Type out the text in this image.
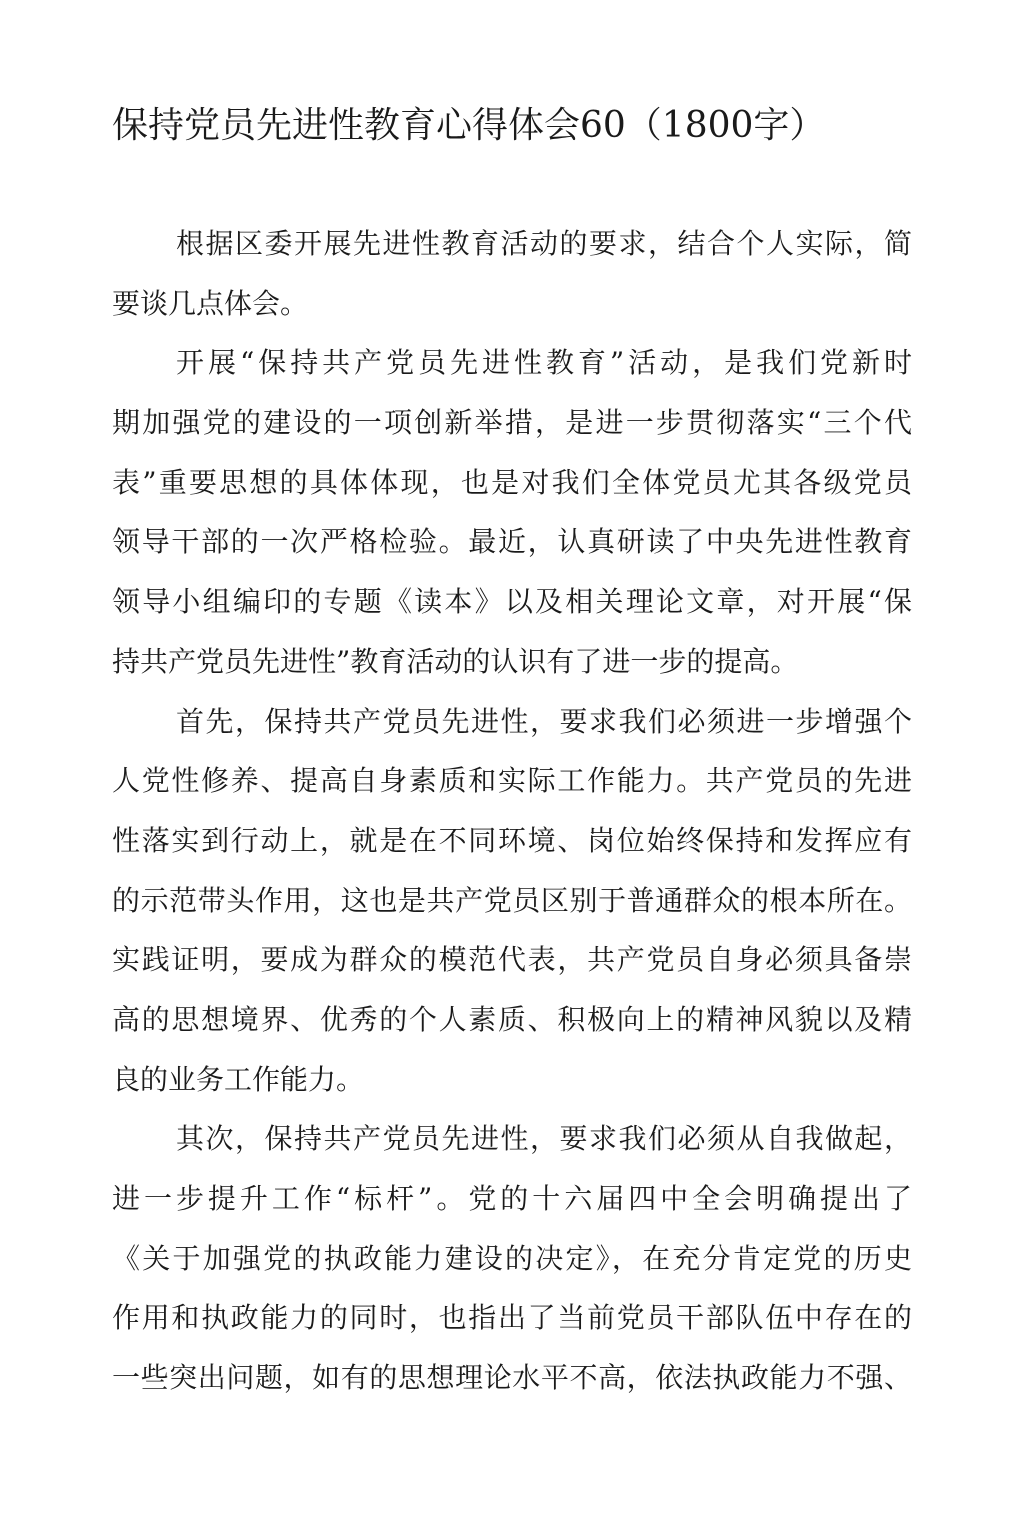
保持党员先进性教育心得体会60（1800字）
根据区委开展先进性教育活动的要求，结合个人实际，简
要谈几点体会。
开展“保持共产党员先进性教育”活动，是我们党新时
期加强党的建设的一项创新举措，是进一步贯彻落实“三个代
表”重要思想的具体体现，也是对我们全体党员尤其各级党员
领导干部的一次严格检验。最近，认真研读了中央先进性教育
领导小组编印的专题《读本》以及相关理论文章，对开展“保
持共产党员先进性”教育活动的认识有了进一步的提高。
首先，保持共产党员先进性，要求我们必须进一步增强个
人党性修养、提高自身素质和实际工作能力。共产党员的先进
性落实到行动上，就是在不同环境、岗位始终保持和发挥应有
的示范带头作用，这也是共产党员区别于普通群众的根本所在。
实践证明，要成为群众的模范代表，共产党员自身必须具备崇
高的思想境界、优秀的个人素质、积极向上的精神风貌以及精
良的业务工作能力。
其次，保持共产党员先进性，要求我们必须从自我做起，
进一步提升工作“标杆”。党的十六届四中全会明确提出了
《关于加强党的执政能力建设的决定》，在充分肯定党的历史
作用和执政能力的同时，也指出了当前党员干部队伍中存在的
一些突出问题，如有的思想理论水平不高，依法执政能力不强、
